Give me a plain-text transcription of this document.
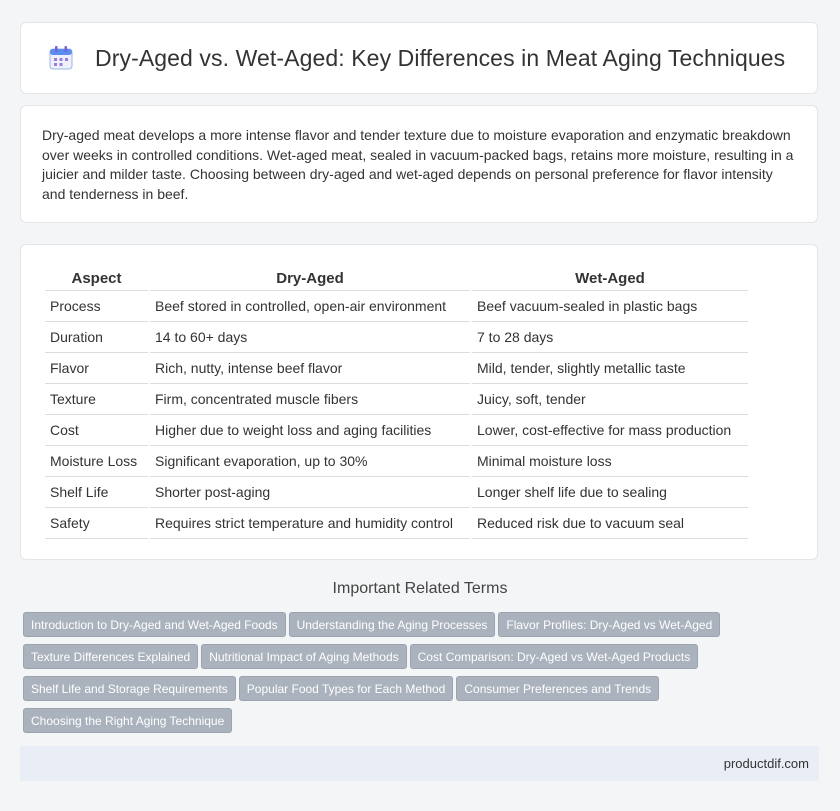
Dry-Aged vs. Wet-Aged: Key Differences in Meat Aging Techniques

Dry-aged meat develops a more intense flavor and tender texture due to moisture evaporation and enzymatic breakdown over weeks in controlled conditions. Wet-aged meat, sealed in vacuum-packed bags, retains more moisture, resulting in a juicier and milder taste. Choosing between dry-aged and wet-aged depends on personal preference for flavor intensity and tenderness in beef.

Aspect	Dry-Aged	Wet-Aged
Process	Beef stored in controlled, open-air environment	Beef vacuum-sealed in plastic bags
Duration	14 to 60+ days	7 to 28 days
Flavor	Rich, nutty, intense beef flavor	Mild, tender, slightly metallic taste
Texture	Firm, concentrated muscle fibers	Juicy, soft, tender
Cost	Higher due to weight loss and aging facilities	Lower, cost-effective for mass production
Moisture Loss	Significant evaporation, up to 30%	Minimal moisture loss
Shelf Life	Shorter post-aging	Longer shelf life due to sealing
Safety	Requires strict temperature and humidity control	Reduced risk due to vacuum seal
Important Related Terms
Introduction to Dry-Aged and Wet-Aged Foods Understanding the Aging Processes Flavor Profiles: Dry-Aged vs Wet-Aged
Texture Differences Explained Nutritional Impact of Aging Methods Cost Comparison: Dry-Aged vs Wet-Aged Products
Shelf Life and Storage Requirements Popular Food Types for Each Method Consumer Preferences and Trends
Choosing the Right Aging Technique
productdif.com
